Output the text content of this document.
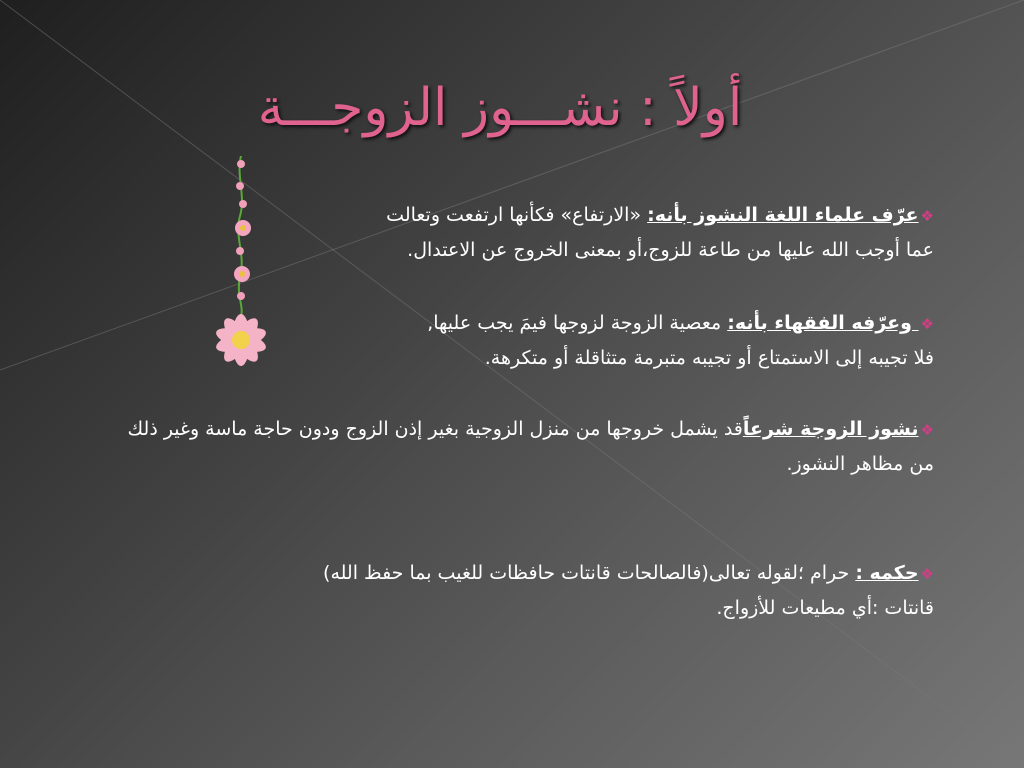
أولاً : نشـــوز الزوجـــة
❖عرّف علماء اللغة النشوز بأنه: «الارتفاع» فكأنها ارتفعت وتعالت
عما أوجب الله عليها من طاعة للزوج،أو بمعنى الخروج عن الاعتدال.
❖ وعرّفه الفقهاء بأنه: معصية الزوجة لزوجها فيمَ يجب عليها,
فلا تجيبه إلى الاستمتاع أو تجيبه متبرمة متثاقلة أو متكرهة.
❖نشوز الزوجة شرعاًقد يشمل خروجها من منزل الزوجية بغير إذن الزوج ودون حاجة ماسة وغير ذلك من مظاهر النشوز.
❖حكمه : حرام ؛لقوله تعالى(فالصالحات قانتات حافظات للغيب بما حفظ الله)
قانتات :أي مطيعات للأزواج.
